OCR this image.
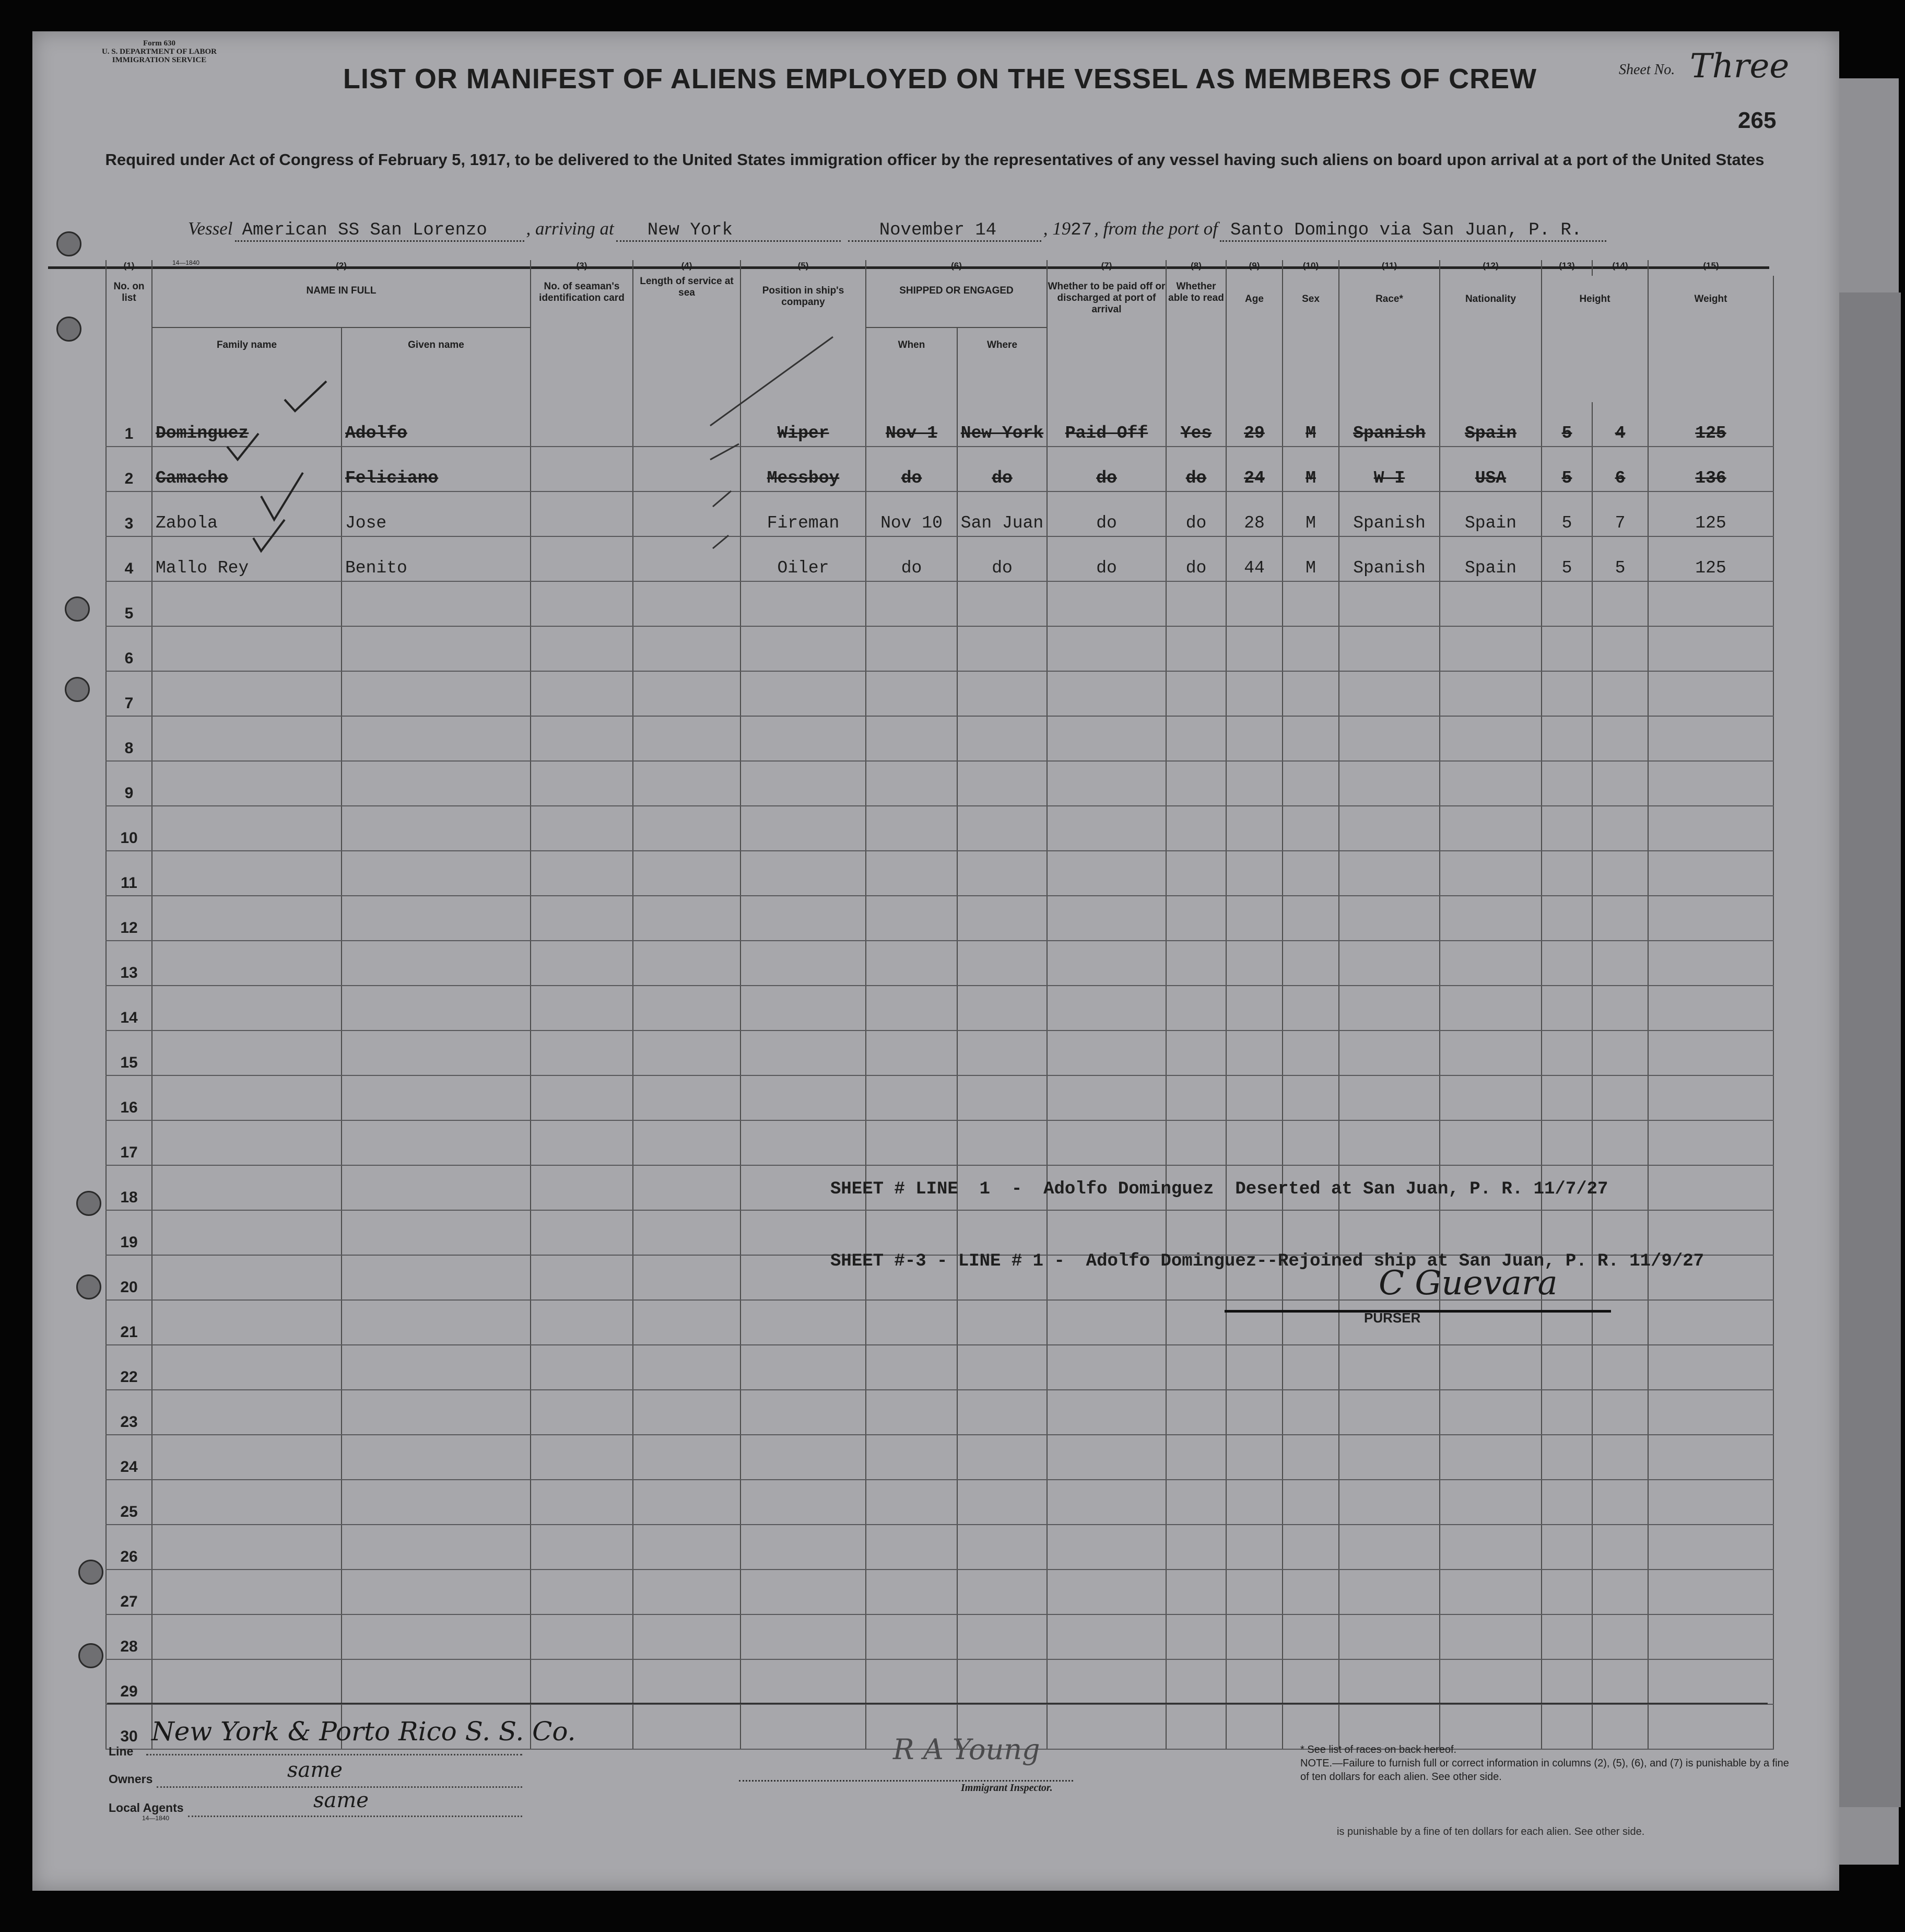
Form 630
U. S. DEPARTMENT OF LABOR
IMMIGRATION SERVICE
LIST OR MANIFEST OF ALIENS EMPLOYED ON THE VESSEL AS MEMBERS OF CREW
Required under Act of Congress of February 5, 1917, to be delivered to the United States immigration officer by the representatives of any vessel having such aliens on board upon arrival at a port of the United States
Sheet No. Three
265
Vessel American SS San Lorenzo , arriving at New York	November 14	, 1927 , from the port of Santo Domingo via San Juan, P. R.
14—1840
(1)	(2)		(3)	(4)	(5)	(6)		(7)	(8)	(9)	(10)	(11)	(12)	(13)	(14)	(15)	
No. on list	NAME IN FULL		No. of seaman's identification card	Length of service at sea	Position in ship's company	SHIPPED OR ENGAGED		Whether to be paid off or discharged at port of arrival	Whether able to read	Age	Sex	Race*	Nationality	Height		Weight	
	Family name	Given name				When	Where										
1	Dominguez	Adolfo			Wiper	Nov 1	New York	Paid Off	Yes	29	M	Spanish	Spain	5	4	125	
2	Camacho	Feliciano			Messboy	do	do	do	do	24	M	W I	USA	5	6	136	
3	Zabola	Jose			Fireman	Nov 10	San Juan	do	do	28	M	Spanish	Spain	5	7	125	
4	Mallo Rey	Benito			Oiler	do	do	do	do	44	M	Spanish	Spain	5	5	125	
5																	
6																	
7																	
8																	
9																	
10																	
11																	
12																	
13																	
14																	
15																	
16																	
17																	
18																	
19																	
20																	
21																	
22																	
23																	
24																	
25																	
26																	
27																	
28																	
29																	
30																	

SHEET # LINE  1  -  Adolfo Dominguez  Deserted at San Juan, P. R. 11/7/27

SHEET #-3 - LINE # 1 -  Adolfo Dominguez--Rejoined ship at San Juan, P. R. 11/9/27

C Guevara
PURSER
Line
New York & Porto Rico S. S. Co.
Owners	same
Local Agents
14—1840
same
R A Young
Immigrant Inspector.
* See list of races on back hereof.
NOTE.—Failure to furnish full or correct information in columns (2), (5), (6), and (7) is punishable by a fine of ten dollars for each alien. See other side.
is punishable by a fine of ten dollars for each alien. See other side.
